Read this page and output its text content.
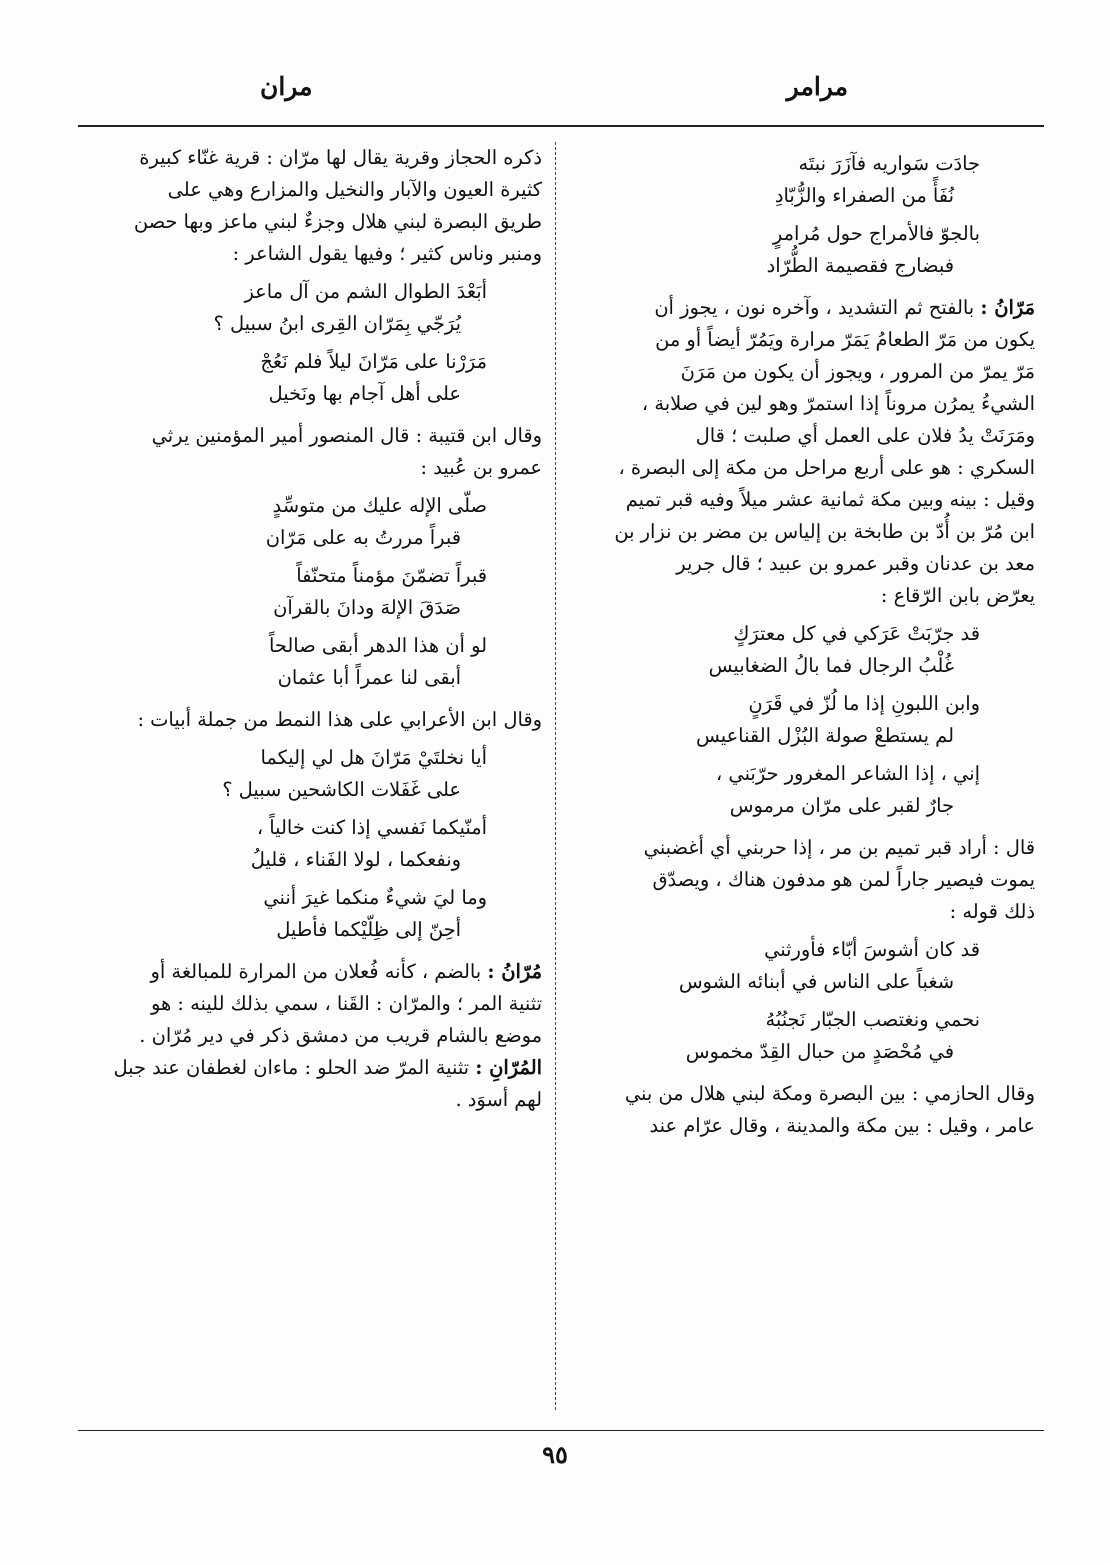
مرامر
مران
جادَت سَواريه فآزَرَ نبتَه
نُفَأً من الصفراء والزُّبّادِ
بالجوّ فالأمراج حول مُرامرٍ
فبضارج فقصيمة الطُّرّاد
مَرّانُ : بالفتح ثم التشديد ، وآخره نون ، يجوز أن
يكون من مَرّ الطعامُ يَمَرّ مرارة ويَمُرّ أيضاً أو من
مَرّ يمرّ من المرور ، ويجوز أن يكون من مَرَنَ
الشيءُ يمرُن مروناً إذا استمرّ وهو لين في صلابة ،
ومَرَنَتْ يدُ فلان على العمل أي صلبت ؛ قال
السكري : هو على أربع مراحل من مكة إلى البصرة ،
وقيل : بينه وبين مكة ثمانية عشر ميلاً وفيه قبر تميم
ابن مُرّ بن أُدّ بن طابخة بن إلياس بن مضر بن نزار بن
معد بن عدنان وقبر عمرو بن عبيد ؛ قال جرير
يعرّض بابن الرّقاع :
قد جرّبَتْ عَرَكي في كل معترَكٍ
غُلْبُ الرجال فما بالُ الضغابيس
وابن اللبونِ إذا ما لُزّ في قَرَنٍ
لم يستطعْ صولة البُزْل القناعيس
إني ، إذا الشاعر المغرور حرّبَني ،
جارٌ لقبر على مرّان مرموس
قال : أراد قبر تميم بن مر ، إذا حربني أي أغضبني
يموت فيصير جاراً لمن هو مدفون هناك ، ويصدّق
ذلك قوله :
قد كان أشوسَ أبّاء فأورثني
شغباً على الناس في أبنائه الشوس
نحمي ونغتصب الجبّار نَجنُبُهُ
في مُحْصَدٍ من حبال القِدّ مخموس
وقال الحازمي : بين البصرة ومكة لبني هلال من بني
عامر ، وقيل : بين مكة والمدينة ، وقال عرّام عند
ذكره الحجاز وقرية يقال لها مرّان : قرية غنّاء كبيرة
كثيرة العيون والآبار والنخيل والمزارع وهي على
طريق البصرة لبني هلال وجزءٌ لبني ماعز وبها حصن
ومنبر وناس كثير ؛ وفيها يقول الشاعر :
أبَعْدَ الطوال الشم من آل ماعز
يُرَجّي بِمَرّان القِرى ابنُ سبيل ؟
مَرَرْنا على مَرّانَ ليلاً فلم نَعُجْ
على أهل آجام بها ونَخيل
وقال ابن قتيبة : قال المنصور أمير المؤمنين يرثي
عمرو بن عُبيد :
صلّى الإله عليك من متوسِّدٍ
قبراً مررتُ به على مَرّان
قبراً تضمّنَ مؤمناً متحنّفاً
صَدَقَ الإلهَ ودانَ بالقرآن
لو أن هذا الدهر أبقى صالحاً
أبقى لنا عمراً أبا عثمان
وقال ابن الأعرابي على هذا النمط من جملة أبيات :
أيا نخلتَيْ مَرّانَ هل لي إليكما
على غَفَلات الكاشحين سبيل ؟
أمنّيكما نَفسي إذا كنت خالياً ،
ونفعكما ، لولا الفَناء ، قليلُ
وما ليَ شيءٌ منكما غيرَ أنني
أحِنّ إلى ظِلّيْكما فأطيل
مُرّانُ : بالضم ، كأنه فُعلان من المرارة للمبالغة أو
تثنية المر ؛ والمرّان : القَنا ، سمي بذلك للينه : هو
موضع بالشام قريب من دمشق ذكر في دير مُرّان .
المُرّانِ : تثنية المرّ ضد الحلو : ماءان لغطفان عند جبل
لهم أسوَد .
٩٥
